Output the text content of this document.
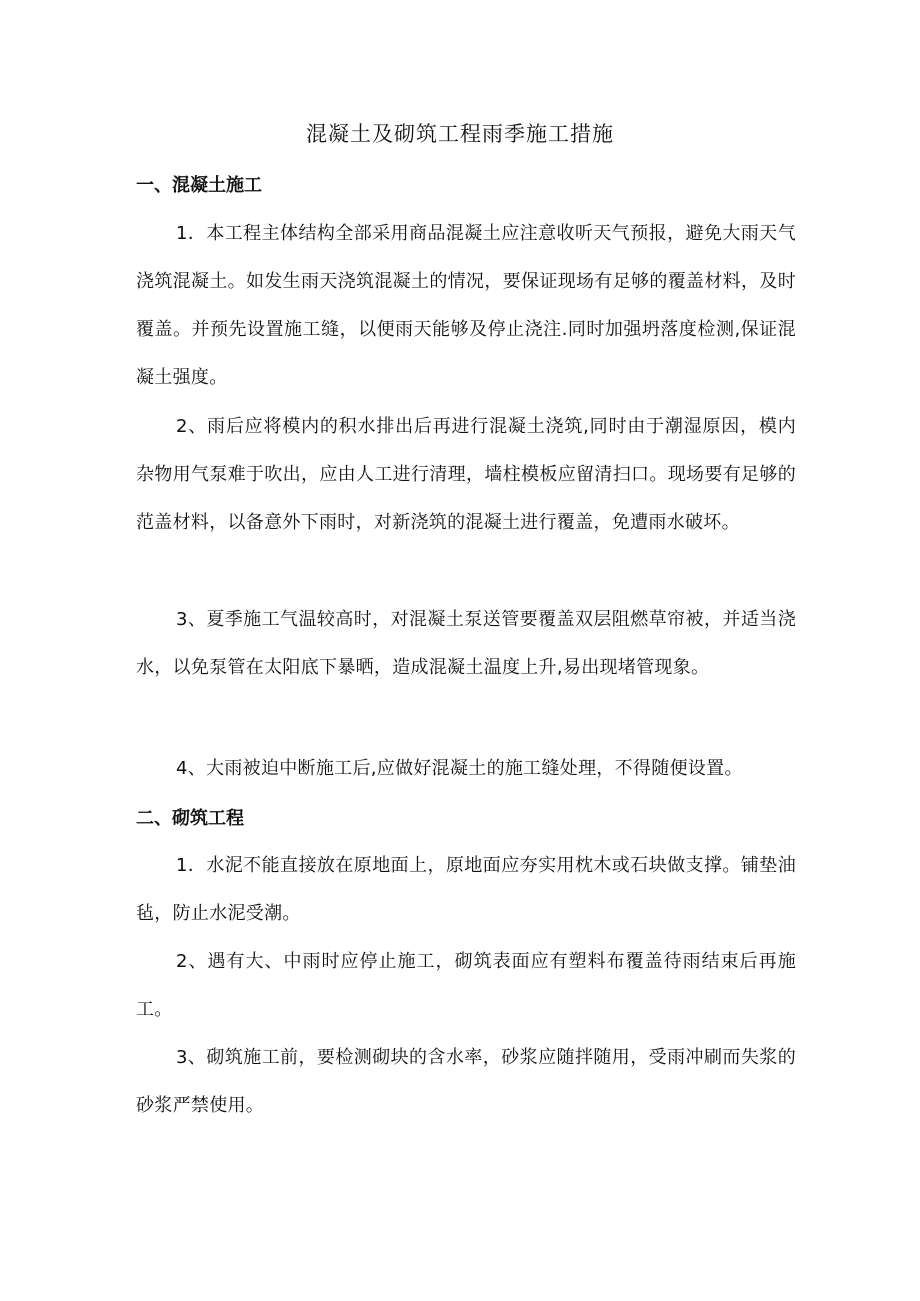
混凝土及砌筑工程雨季施工措施
一、混凝土施工

1．本工程主体结构全部采用商品混凝土应注意收听天气预报，避免大雨天气浇筑混凝土。如发生雨天浇筑混凝土的情况，要保证现场有足够的覆盖材料，及时覆盖。并预先设置施工缝，以便雨天能够及停止浇注.同时加强坍落度检测,保证混凝土强度。

2、雨后应将模内的积水排出后再进行混凝土浇筑,同时由于潮湿原因，模内杂物用气泵难于吹出，应由人工进行清理，墙柱模板应留清扫口。现场要有足够的范盖材料，以备意外下雨时，对新浇筑的混凝土进行覆盖，免遭雨水破坏。

3、夏季施工气温较高时，对混凝土泵送管要覆盖双层阻燃草帘被，并适当浇水，以免泵管在太阳底下暴晒，造成混凝土温度上升,易出现堵管现象。

4、大雨被迫中断施工后,应做好混凝土的施工缝处理，不得随便设置。

二、砌筑工程

1．水泥不能直接放在原地面上，原地面应夯实用枕木或石块做支撑。铺垫油毡，防止水泥受潮。

2、遇有大、中雨时应停止施工，砌筑表面应有塑料布覆盖待雨结束后再施工。

3、砌筑施工前，要检测砌块的含水率，砂浆应随拌随用，受雨冲刷而失浆的砂浆严禁使用。
